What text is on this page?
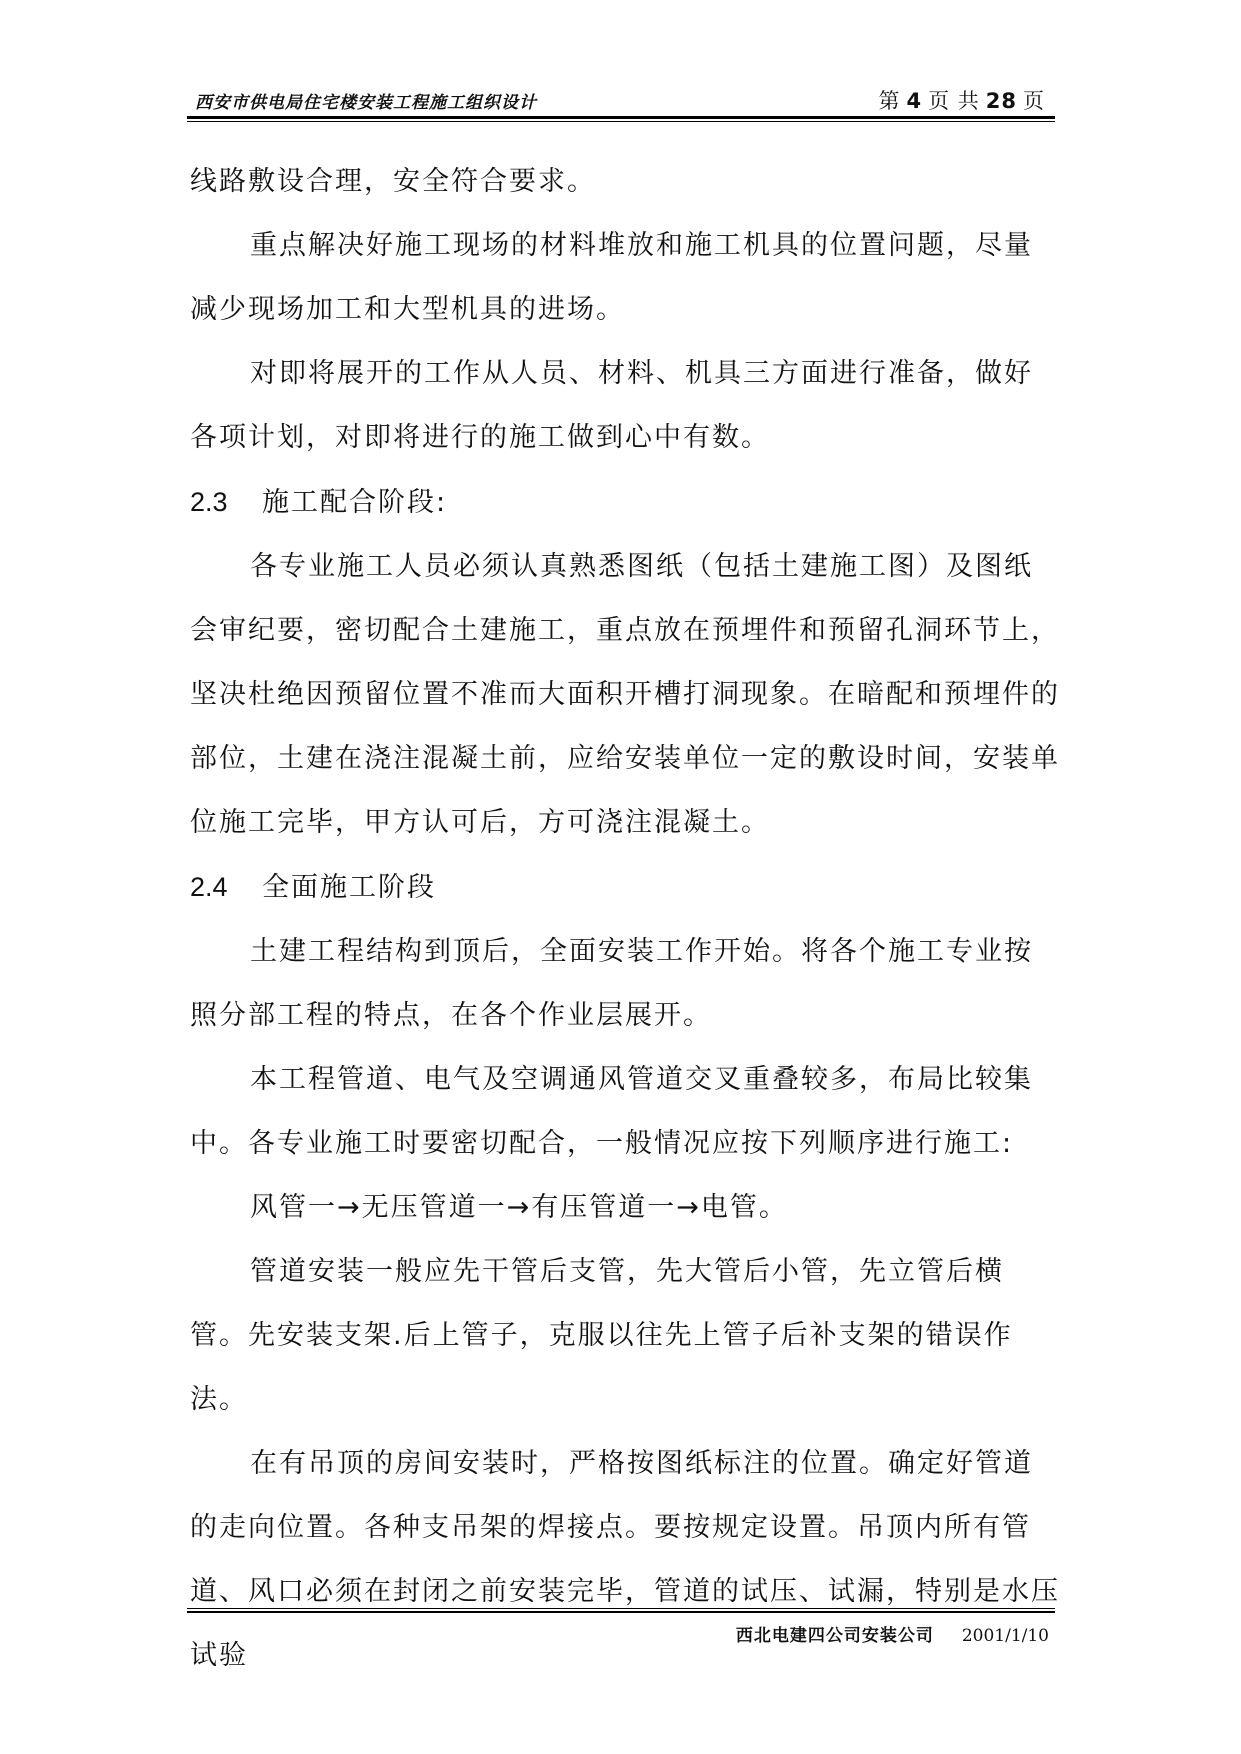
西安市供电局住宅楼安装工程施工组织设计	第 4 页 共 28 页

线路敷设合理，安全符合要求。

重点解决好施工现场的材料堆放和施工机具的位置问题，尽量减少现场加工和大型机具的进场。

对即将展开的工作从人员、材料、机具三方面进行准备，做好各项计划，对即将进行的施工做到心中有数。

2.3 施工配合阶段:

各专业施工人员必须认真熟悉图纸（包括土建施工图）及图纸会审纪要，密切配合土建施工，重点放在预埋件和预留孔洞环节上，坚决杜绝因预留位置不准而大面积开槽打洞现象。在暗配和预埋件的部位，土建在浇注混凝土前，应给安装单位一定的敷设时间，安装单位施工完毕，甲方认可后，方可浇注混凝土。

2.4 全面施工阶段

土建工程结构到顶后，全面安装工作开始。将各个施工专业按照分部工程的特点，在各个作业层展开。

本工程管道、电气及空调通风管道交叉重叠较多，布局比较集中。各专业施工时要密切配合，一般情况应按下列顺序进行施工:

风管一→无压管道一→有压管道一→电管。

管道安装一般应先干管后支管，先大管后小管，先立管后横管。先安装支架.后上管子，克服以往先上管子后补支架的错误作法。

在有吊顶的房间安装时，严格按图纸标注的位置。确定好管道的走向位置。各种支吊架的焊接点。要按规定设置。吊顶内所有管道、风口必须在封闭之前安装完毕，管道的试压、试漏，特别是水压试验

西北电建四公司安装公司 2001/1/10
